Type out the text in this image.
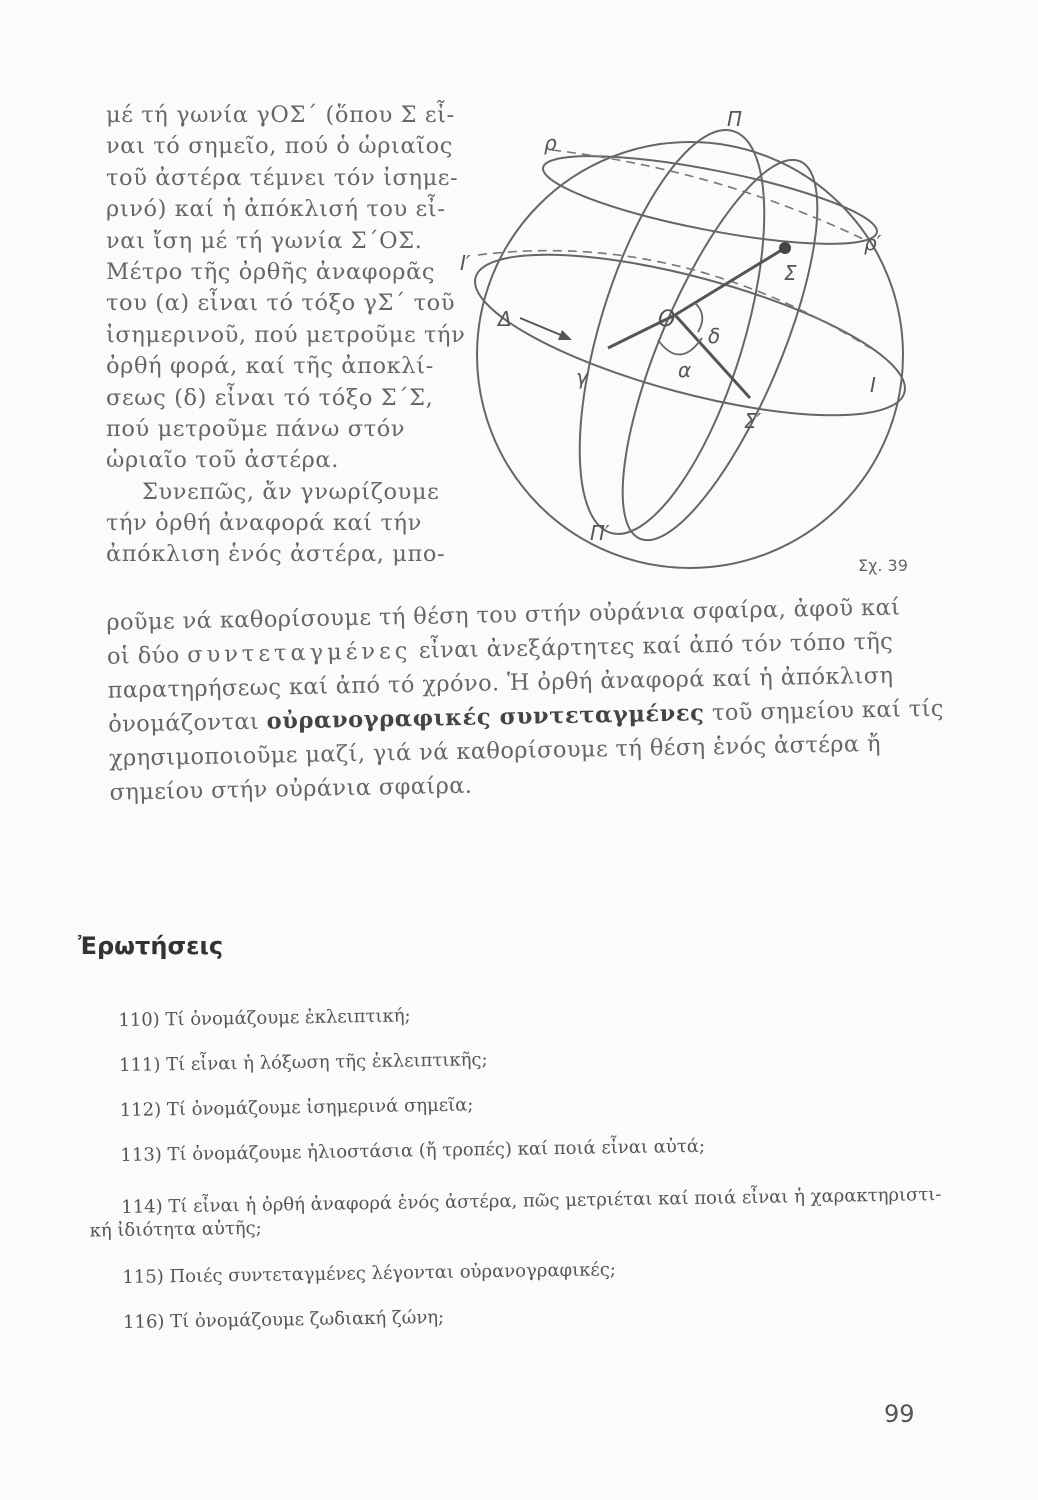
μέ τή γωνία γΟΣ΄ (ὅπου Σ εἶ-
ναι τό σημεῖο, πού ὁ ὡριαῖος
τοῦ ἀστέρα τέμνει τόν ἰσημε-
ρινό) καί ἡ ἀπόκλισή του εἶ-
ναι ἴση μέ τή γωνία Σ΄ΟΣ.
Μέτρο τῆς ὀρθῆς ἀναφορᾶς
του (α) εἶναι τό τόξο γΣ΄ τοῦ
ἰσημερινοῦ, πού μετροῦμε τήν
ὀρθή φορά, καί τῆς ἀποκλί-
σεως (δ) εἶναι τό τόξο Σ΄Σ,
πού μετροῦμε πάνω στόν
ὡριαῖο τοῦ ἀστέρα.
Συνεπῶς, ἄν γνωρίζουμε
τήν ὀρθή ἀναφορά καί τήν
ἀπόκλιση ἑνός ἀστέρα, μπο-
Π
Π′
ρ
ρ′
Σ
Σ′
Ο
δ
α
γ
Δ
Ι′
Ι
Σχ. 39
ροῦμε νά καθορίσουμε τή θέση του στήν οὐράνια σφαίρα, ἀφοῦ καί
οἱ δύο συντεταγμένες εἶναι ἀνεξάρτητες καί ἀπό τόν τόπο τῆς
παρατηρήσεως καί ἀπό τό χρόνο. Ἡ ὀρθή ἀναφορά καί ἡ ἀπόκλιση
ὀνομάζονται οὐρανογραφικές συντεταγμένες τοῦ σημείου καί τίς
χρησιμοποιοῦμε μαζί, γιά νά καθορίσουμε τή θέση ἑνός ἀστέρα ἤ
σημείου στήν οὐράνια σφαίρα.
Ἐρωτήσεις
110) Τί ὀνομάζουμε ἐκλειπτική;
111) Τί εἶναι ἡ λόξωση τῆς ἐκλειπτικῆς;
112) Τί ὀνομάζουμε ἰσημερινά σημεῖα;
113) Τί ὀνομάζουμε ἡλιοστάσια (ἤ τροπές) καί ποιά εἶναι αὐτά;
114) Τί εἶναι ἡ ὀρθή ἀναφορά ἑνός ἀστέρα, πῶς μετριέται καί ποιά εἶναι ἡ χαρακτηριστι-
κή ἰδιότητα αὐτῆς;
115) Ποιές συντεταγμένες λέγονται οὐρανογραφικές;
116) Τί ὀνομάζουμε ζωδιακή ζώνη;
99
